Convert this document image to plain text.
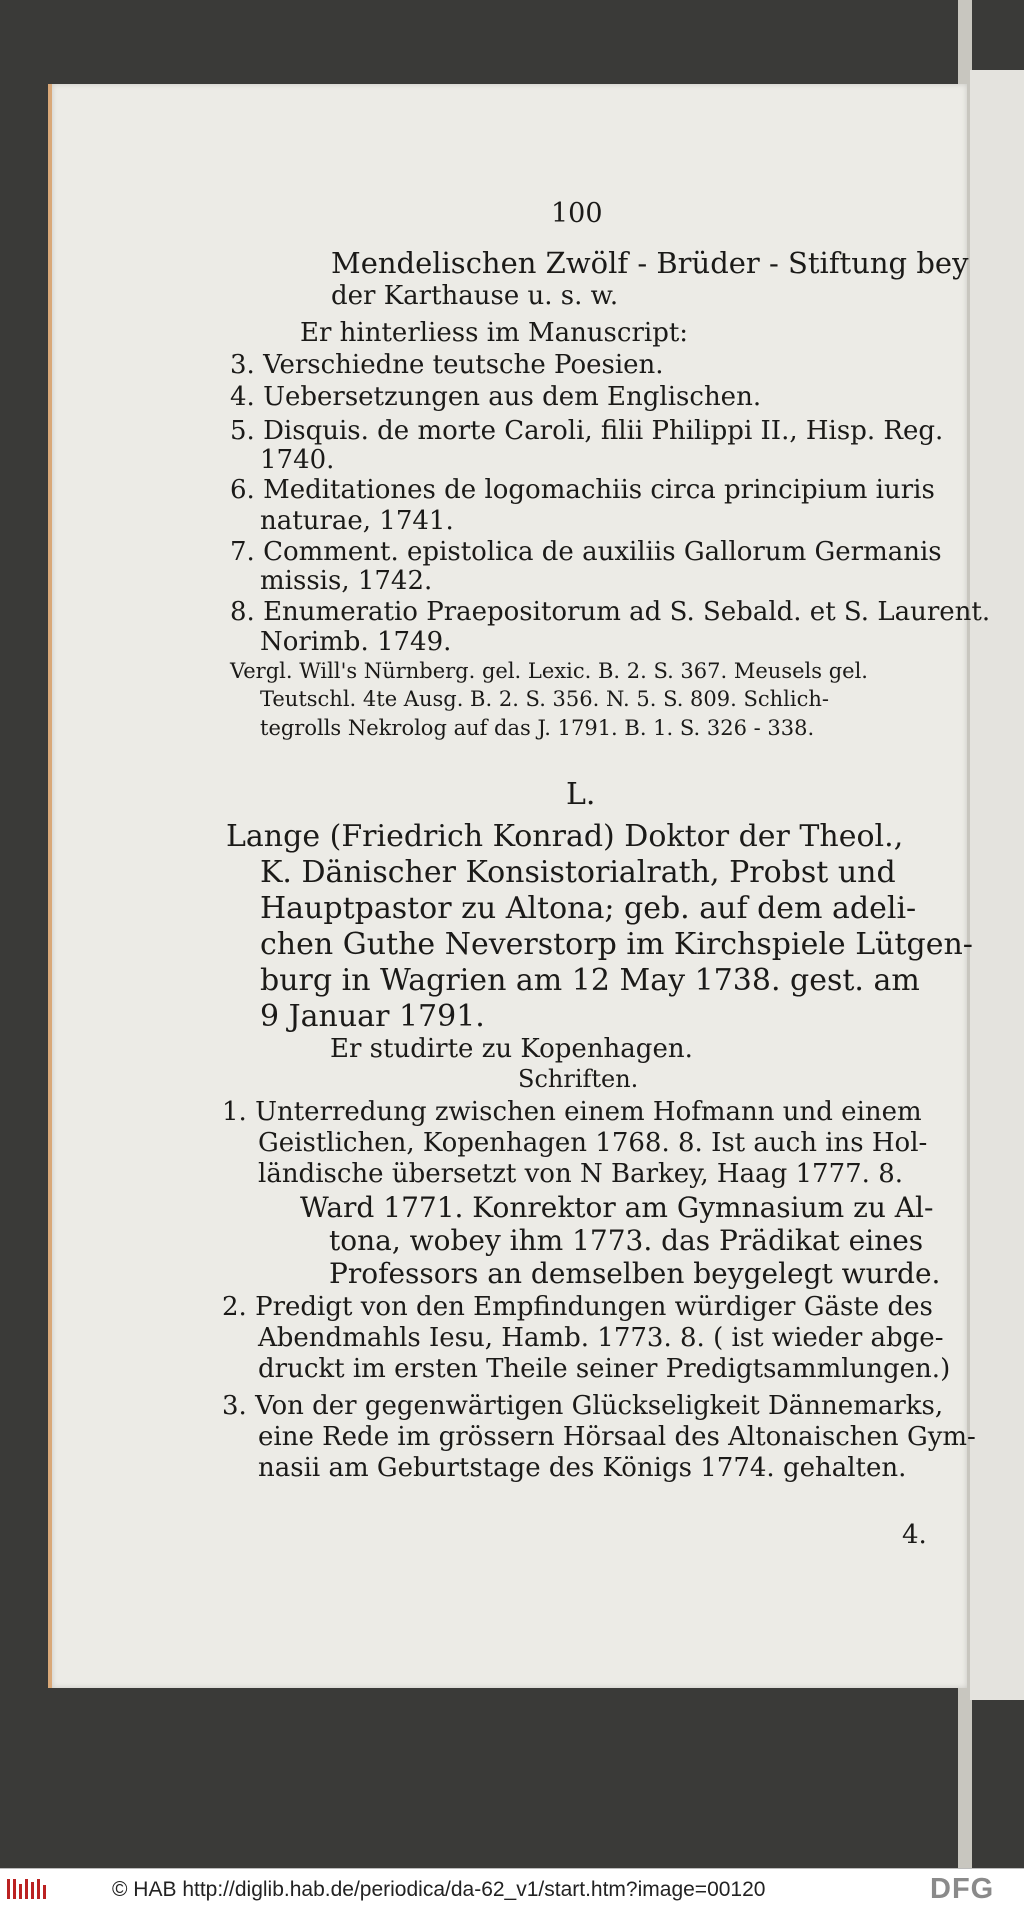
100
Mendelischen Zwölf - Brüder - Stiftung bey
der Karthause u. s. w.
Er hinterliess im Manuscript:
3. Verschiedne teutsche Poesien.
4. Uebersetzungen aus dem Englischen.
5. Disquis. de morte Caroli, filii Philippi II., Hisp. Reg.
1740.
6. Meditationes de logomachiis circa principium iuris
naturae, 1741.
7. Comment. epistolica de auxiliis Gallorum Germanis
missis, 1742.
8. Enumeratio Praepositorum ad S. Sebald. et S. Laurent.
Norimb. 1749.
Vergl. Will's Nürnberg. gel. Lexic. B. 2. S. 367. Meusels gel.
Teutschl. 4te Ausg. B. 2. S. 356. N. 5. S. 809. Schlich-
tegrolls Nekrolog auf das J. 1791. B. 1. S. 326 - 338.
L.
Lange (Friedrich Konrad) Doktor der Theol.,
K. Dänischer Konsistorialrath, Probst und
Hauptpastor zu Altona; geb. auf dem adeli-
chen Guthe Neverstorp im Kirchspiele Lütgen-
burg in Wagrien am 12 May 1738. gest. am
9 Januar 1791.
Er studirte zu Kopenhagen.
Schriften.
1. Unterredung zwischen einem Hofmann und einem
Geistlichen, Kopenhagen 1768. 8. Ist auch ins Hol-
ländische übersetzt von N Barkey, Haag 1777. 8.
Ward 1771. Konrektor am Gymnasium zu Al-
tona, wobey ihm 1773. das Prädikat eines
Professors an demselben beygelegt wurde.
2. Predigt von den Empfindungen würdiger Gäste des
Abendmahls Iesu, Hamb. 1773. 8. ( ist wieder abge-
druckt im ersten Theile seiner Predigtsammlungen.)
3. Von der gegenwärtigen Glückseligkeit Dännemarks,
eine Rede im grössern Hörsaal des Altonaischen Gym-
nasii am Geburtstage des Königs 1774. gehalten.
4.
© HAB http://diglib.hab.de/periodica/da-62_v1/start.htm?image=00120	DFG
